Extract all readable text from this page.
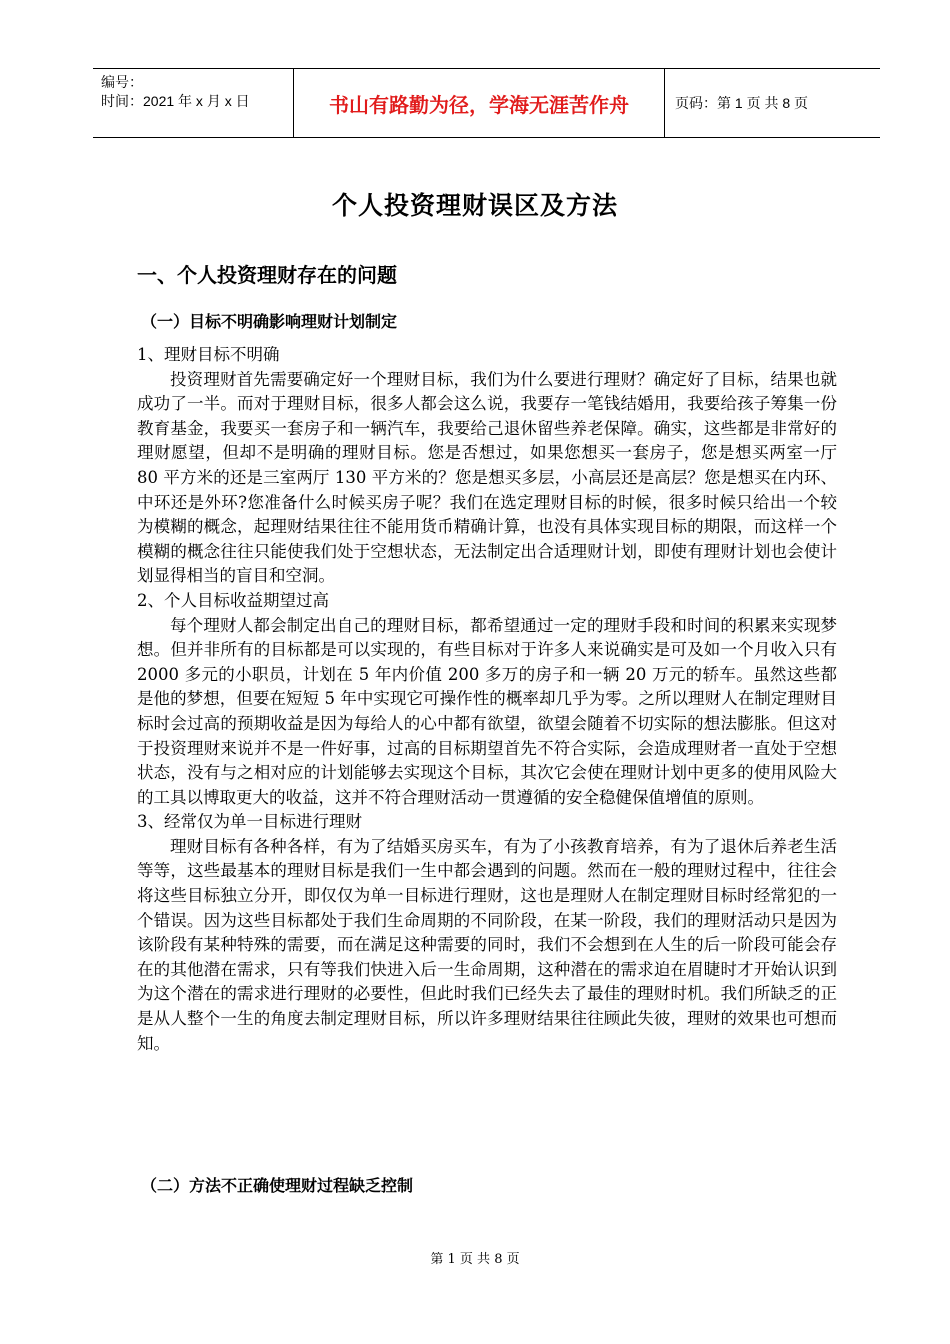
编号：
时间：2021 年 x 月 x 日	书山有路勤为径，学海无涯苦作舟	页码：第 1 页 共 8 页
个人投资理财误区及方法
一、个人投资理财存在的问题
（一）目标不明确影响理财计划制定

1、理财目标不明确

投资理财首先需要确定好一个理财目标，我们为什么要进行理财？确定好了目标，结果也就成功了一半。而对于理财目标，很多人都会这么说，我要存一笔钱结婚用，我要给孩子筹集一份教育基金，我要买一套房子和一辆汽车，我要给己退休留些养老保障。确实，这些都是非常好的理财愿望，但却不是明确的理财目标。您是否想过，如果您想买一套房子，您是想买两室一厅 80 平方米的还是三室两厅 130 平方米的？您是想买多层，小高层还是高层？您是想买在内环、中环还是外环?您准备什么时候买房子呢？我们在选定理财目标的时候，很多时候只给出一个较为模糊的概念，起理财结果往往不能用货币精确计算，也没有具体实现目标的期限，而这样一个模糊的概念往往只能使我们处于空想状态，无法制定出合适理财计划，即使有理财计划也会使计划显得相当的盲目和空洞。

2、个人目标收益期望过高

每个理财人都会制定出自己的理财目标，都希望通过一定的理财手段和时间的积累来实现梦想。但并非所有的目标都是可以实现的，有些目标对于许多人来说确实是可及如一个月收入只有 2000 多元的小职员，计划在 5 年内价值 200 多万的房子和一辆 20 万元的轿车。虽然这些都是他的梦想，但要在短短 5 年中实现它可操作性的概率却几乎为零。之所以理财人在制定理财目标时会过高的预期收益是因为每给人的心中都有欲望，欲望会随着不切实际的想法膨胀。但这对于投资理财来说并不是一件好事，过高的目标期望首先不符合实际，会造成理财者一直处于空想状态，没有与之相对应的计划能够去实现这个目标，其次它会使在理财计划中更多的使用风险大的工具以博取更大的收益，这并不符合理财活动一贯遵循的安全稳健保值增值的原则。

3、经常仅为单一目标进行理财

理财目标有各种各样，有为了结婚买房买车，有为了小孩教育培养，有为了退休后养老生活等等，这些最基本的理财目标是我们一生中都会遇到的问题。然而在一般的理财过程中，往往会将这些目标独立分开，即仅仅为单一目标进行理财，这也是理财人在制定理财目标时经常犯的一个错误。因为这些目标都处于我们生命周期的不同阶段，在某一阶段，我们的理财活动只是因为该阶段有某种特殊的需要，而在满足这种需要的同时，我们不会想到在人生的后一阶段可能会存在的其他潜在需求，只有等我们快进入后一生命周期，这种潜在的需求迫在眉睫时才开始认识到为这个潜在的需求进行理财的必要性，但此时我们已经失去了最佳的理财时机。我们所缺乏的正是从人整个一生的角度去制定理财目标，所以许多理财结果往往顾此失彼，理财的效果也可想而知。

（二）方法不正确使理财过程缺乏控制
第 1 页 共 8 页
